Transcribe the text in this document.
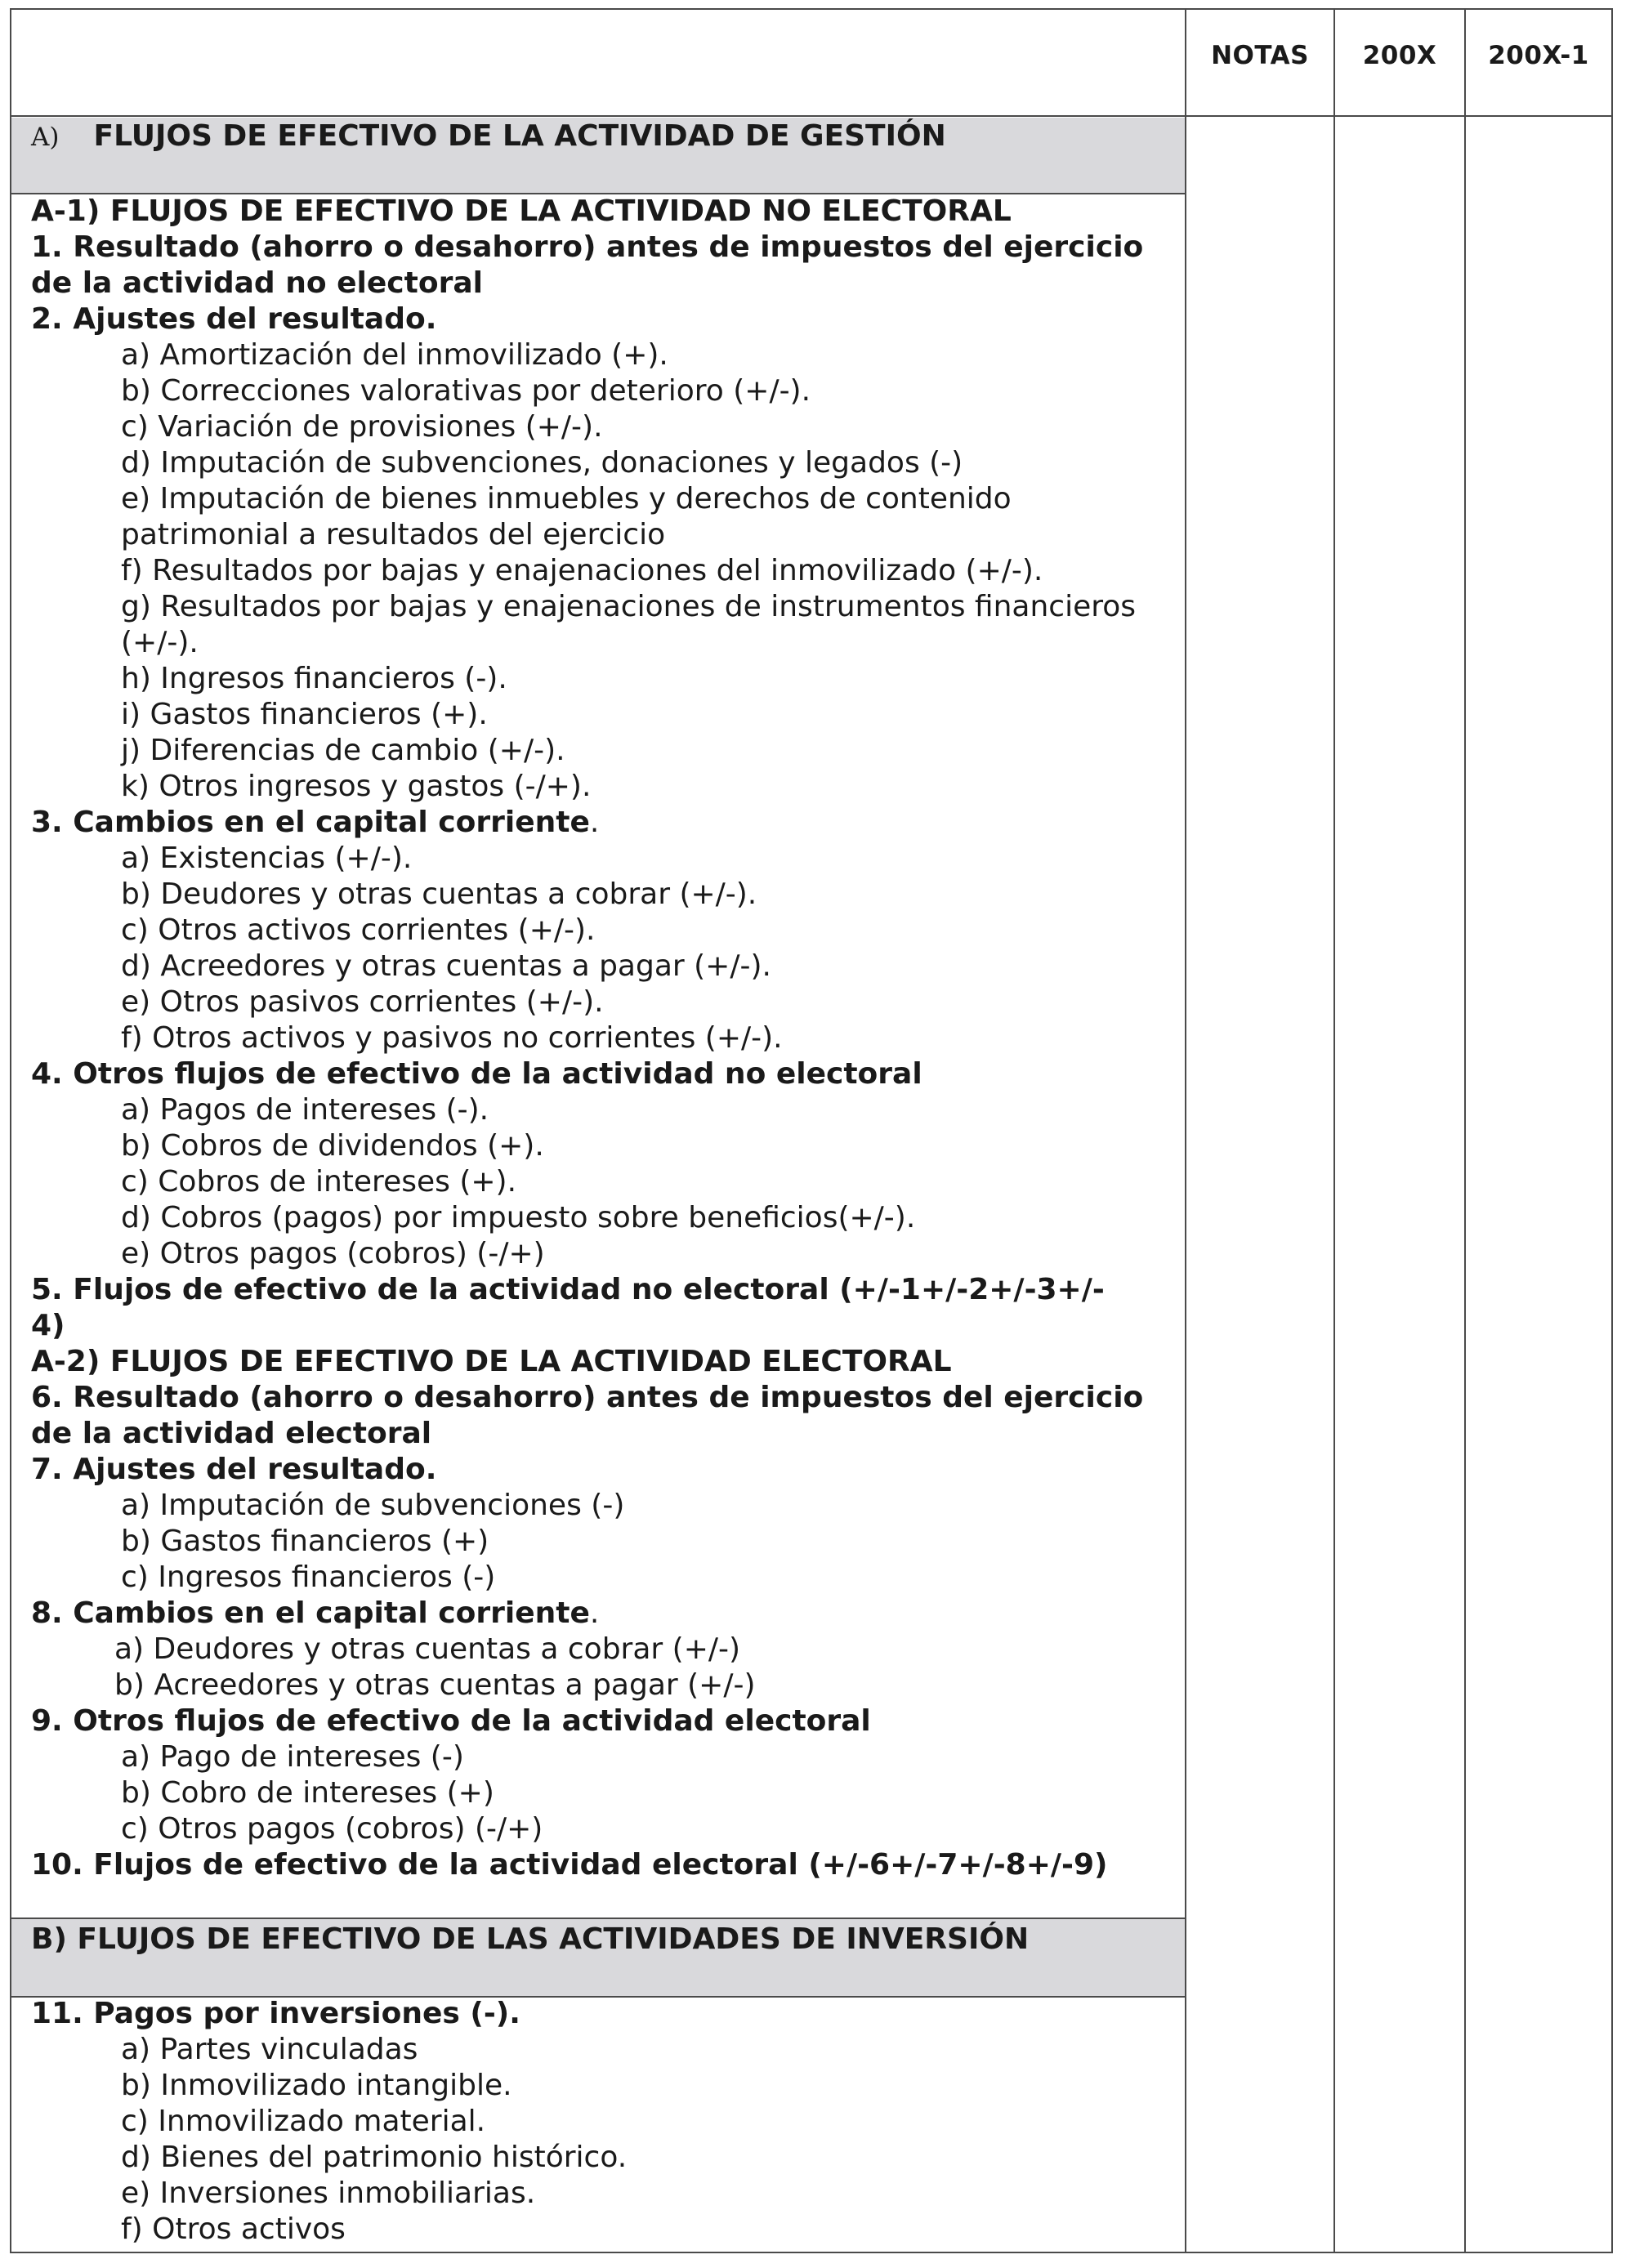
NOTAS	200X	200X-1
A) FLUJOS DE EFECTIVO DE LA ACTIVIDAD DE GESTIÓN
B) FLUJOS DE EFECTIVO DE LAS ACTIVIDADES DE INVERSIÓN
A-1) FLUJOS DE EFECTIVO DE LA ACTIVIDAD NO ELECTORAL
1. Resultado (ahorro o desahorro) antes de impuestos del ejercicio
de la actividad no electoral
2. Ajustes del resultado.
a) Amortización del inmovilizado (+).
b) Correcciones valorativas por deterioro (+/-).
c) Variación de provisiones (+/-).
d) Imputación de subvenciones, donaciones y legados (-)
e) Imputación de bienes inmuebles y derechos de contenido
patrimonial a resultados del ejercicio
f) Resultados por bajas y enajenaciones del inmovilizado (+/-).
g) Resultados por bajas y enajenaciones de instrumentos financieros
(+/-).
h) Ingresos financieros (-).
i) Gastos financieros (+).
j) Diferencias de cambio (+/-).
k) Otros ingresos y gastos (-/+).
3. Cambios en el capital corriente.
a) Existencias (+/-).
b) Deudores y otras cuentas a cobrar (+/-).
c) Otros activos corrientes (+/-).
d) Acreedores y otras cuentas a pagar (+/-).
e) Otros pasivos corrientes (+/-).
f) Otros activos y pasivos no corrientes (+/-).
4. Otros flujos de efectivo de la actividad no electoral
a) Pagos de intereses (-).
b) Cobros de dividendos (+).
c) Cobros de intereses (+).
d) Cobros (pagos) por impuesto sobre beneficios(+/-).
e) Otros pagos (cobros) (-/+)
5. Flujos de efectivo de la actividad no electoral (+/-1+/-2+/-3+/-
4)
A-2) FLUJOS DE EFECTIVO DE LA ACTIVIDAD ELECTORAL
6. Resultado (ahorro o desahorro) antes de impuestos del ejercicio
de la actividad electoral
7. Ajustes del resultado.
a) Imputación de subvenciones (-)
b) Gastos financieros (+)
c) Ingresos financieros (-)
8. Cambios en el capital corriente.
a) Deudores y otras cuentas a cobrar (+/-)
b) Acreedores y otras cuentas a pagar (+/-)
9. Otros flujos de efectivo de la actividad electoral
a) Pago de intereses (-)
b) Cobro de intereses (+)
c) Otros pagos (cobros) (-/+)
10. Flujos de efectivo de la actividad electoral (+/-6+/-7+/-8+/-9)
11. Pagos por inversiones (-).
a) Partes vinculadas
b) Inmovilizado intangible.
c) Inmovilizado material.
d) Bienes del patrimonio histórico.
e) Inversiones inmobiliarias.
f) Otros activos
